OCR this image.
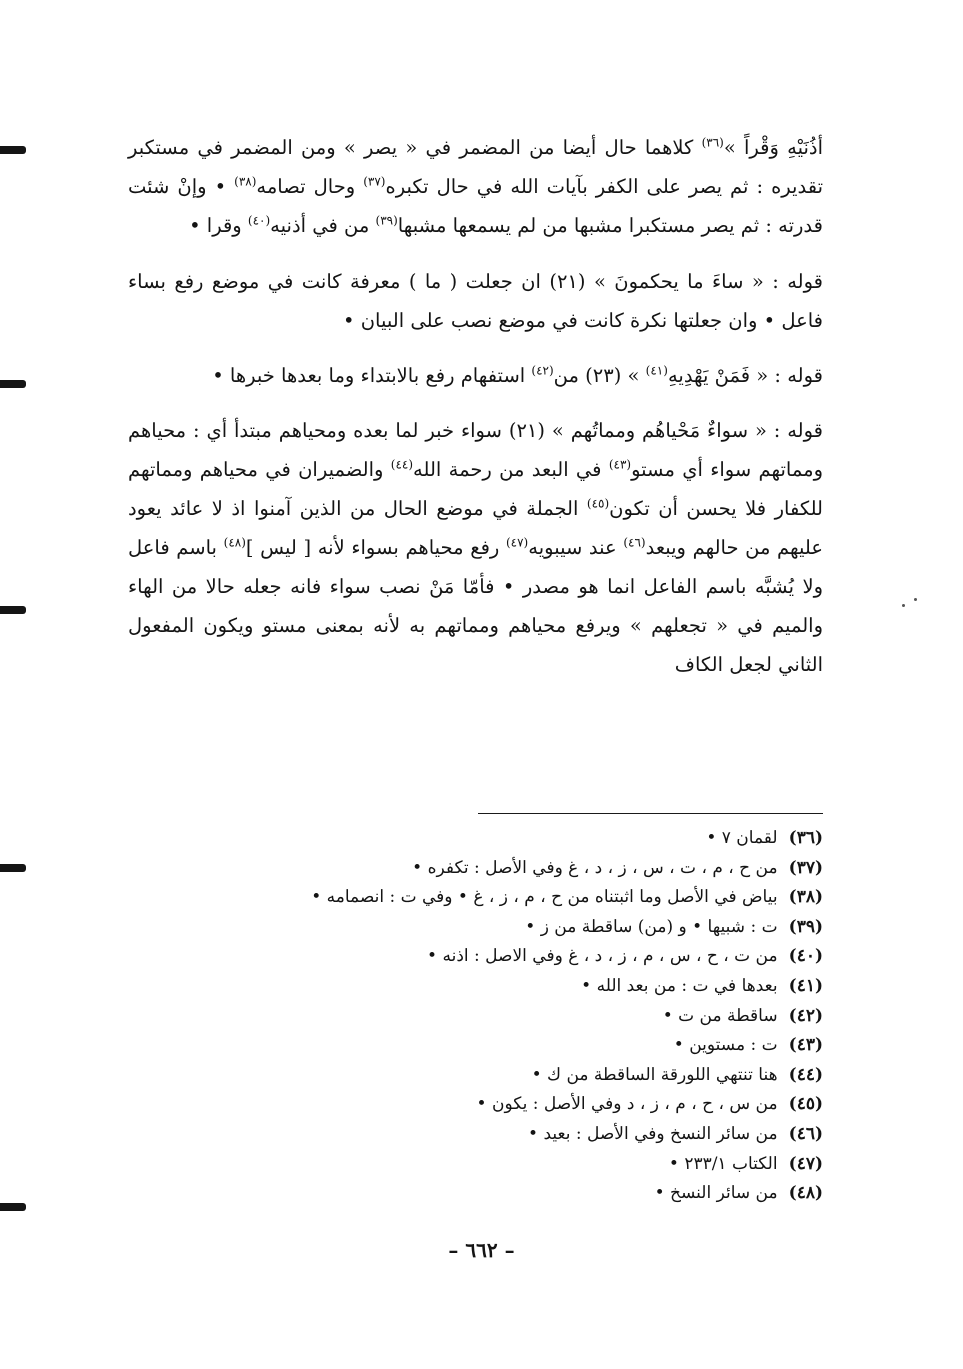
أذُنَيْهِ وَقْراً »$^{(٣٦)}$ كلاهما حال أيضا من المضمر في « يصر » ومن المضمر في مستكبر تقديره : ثم يصر على الكفر بآيات الله في حال تكبره$^{(٣٧)}$ وحال تصامه$^{(٣٨)}$ • وإنْ شئت قدرته : ثم يصر مستكبرا مشبها من لم يسمعها مشبها$^{(٣٩)}$ من في أذنيه$^{(٤٠)}$ وقرا •

قوله : « ساءَ ما يحكمونَ » (٢١) ان جعلت ( ما ) معرفة كانت في موضع رفع بساء فاعل • وان جعلتها نكرة كانت في موضع نصب على البيان •

قوله : « فَمَنْ يَهْدِيهِ$^{(٤١)}$ » (٢٣) من$^{(٤٢)}$ استفهام رفع بالابتداء وما بعدها خبرها •

قوله : « سواءٌ مَحْياهُم ومماتُهم » (٢١) سواء خبر لما بعده ومحياهم مبتدأ أي : محياهم ومماتهم سواء أي مستو$^{(٤٣)}$ في البعد من رحمة الله$^{(٤٤)}$ والضميران في محياهم ومماتهم للكفار فلا يحسن أن تكون$^{(٤٥)}$ الجملة في موضع الحال من الذين آمنوا اذ لا عائد يعود عليهم من حالهم ويبعد$^{(٤٦)}$ عند سيبويه$^{(٤٧)}$ رفع محياهم بسواء لأنه [ ليس ]$^{(٤٨)}$ باسم فاعل ولا يُشبَّه باسم الفاعل انما هو مصدر • فأمّا مَنْ نصب سواء فانه جعله حالا من الهاء والميم في « تجعلهم » ويرفع محياهم ومماتهم به لأنه بمعنى مستو ويكون المفعول الثاني لجعل الكاف

(٣٦) لقمان ٧ •
(٣٧) من ح ، م ، ت ، س ، ز ، د ، غ وفي الأصل : تكفره •
(٣٨) بياض في الأصل وما اثبتناه من ح ، م ، ز ، غ • وفي ت : انصمامه •
(٣٩) ت : شبيها • و (من) ساقطة من ز •
(٤٠) من ت ، ح ، س ، م ، ز ، د ، غ وفي الاصل : اذنه •
(٤١) بعدها في ت : من بعد الله •
(٤٢) ساقطة من ت •
(٤٣) ت : مستوين •
(٤٤) هنا تنتهي اللورقة الساقطة من ك •
(٤٥) من س ، ح ، م ، ز ، د وفي الأصل : يكون •
(٤٦) من سائر النسخ وفي الأصل : بعيد •
(٤٧) الكتاب ٢٣٣/١ •
(٤٨) من سائر النسخ •
– ٦٦٢ –
